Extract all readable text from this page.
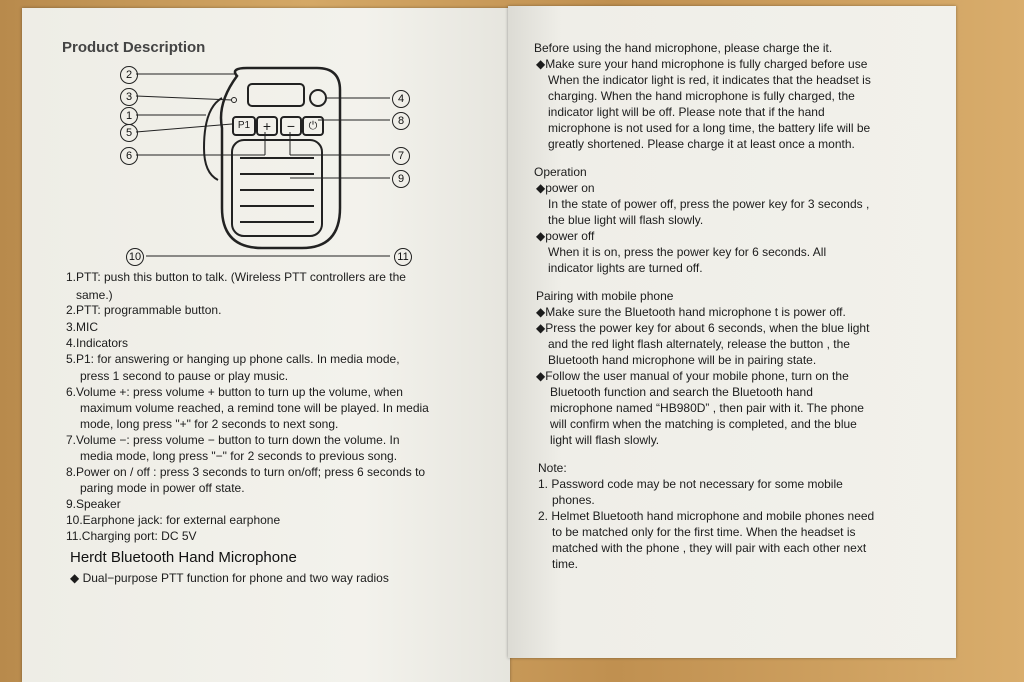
Product Description
P1 +	−	⏻
2
3
1
5
6
4
8
7
9
10	11
1.PTT: push this button to talk. (Wireless PTT controllers are the
same.)
2.PTT: programmable button.
3.MIC
4.Indicators
5.P1: for answering or hanging up phone calls. In media mode,
press 1 second to pause or play music.
6.Volume +: press volume + button to turn up the volume, when
maximum volume reached, a remind tone will be played. In media
mode, long press "+" for 2 seconds to next song.
7.Volume −: press volume − button to turn down the volume. In
media mode, long press "−" for 2 seconds to previous song.
8.Power on / off : press 3 seconds to turn on/off; press 6 seconds to
paring mode in power off state.
9.Speaker
10.Earphone jack: for external earphone
11.Charging port: DC 5V
Herdt Bluetooth Hand Microphone
◆ Dual−purpose PTT function for phone and two way radios
Before using the hand microphone, please charge the it.
◆Make sure your hand microphone is fully charged before use
When the indicator light is red, it indicates that the headset is
charging. When the hand microphone is fully charged, the
indicator light will be off. Please note that if the hand
microphone is not used for a long time, the battery life will be
greatly shortened. Please charge it at least once a month.
Operation
◆power on
In the state of power off, press the power key for 3 seconds ,
the blue light will flash slowly.
◆power off
When it is on, press the power key for 6 seconds. All
indicator lights are turned off.
Pairing with mobile phone
◆Make sure the Bluetooth hand microphone t is power off.
◆Press the power key for about 6 seconds, when the blue light
and the red light flash alternately, release the button , the
Bluetooth hand microphone will be in pairing state.
◆Follow the user manual of your mobile phone, turn on the
Bluetooth function and search the Bluetooth hand
microphone named “HB980D” , then pair with it. The phone
will confirm when the matching is completed, and the blue
light will flash slowly.
Note:
1. Password code may be not necessary for some mobile
phones.
2. Helmet Bluetooth hand microphone and mobile phones need
to be matched only for the first time. When the headset is
matched with the phone , they will pair with each other next
time.
